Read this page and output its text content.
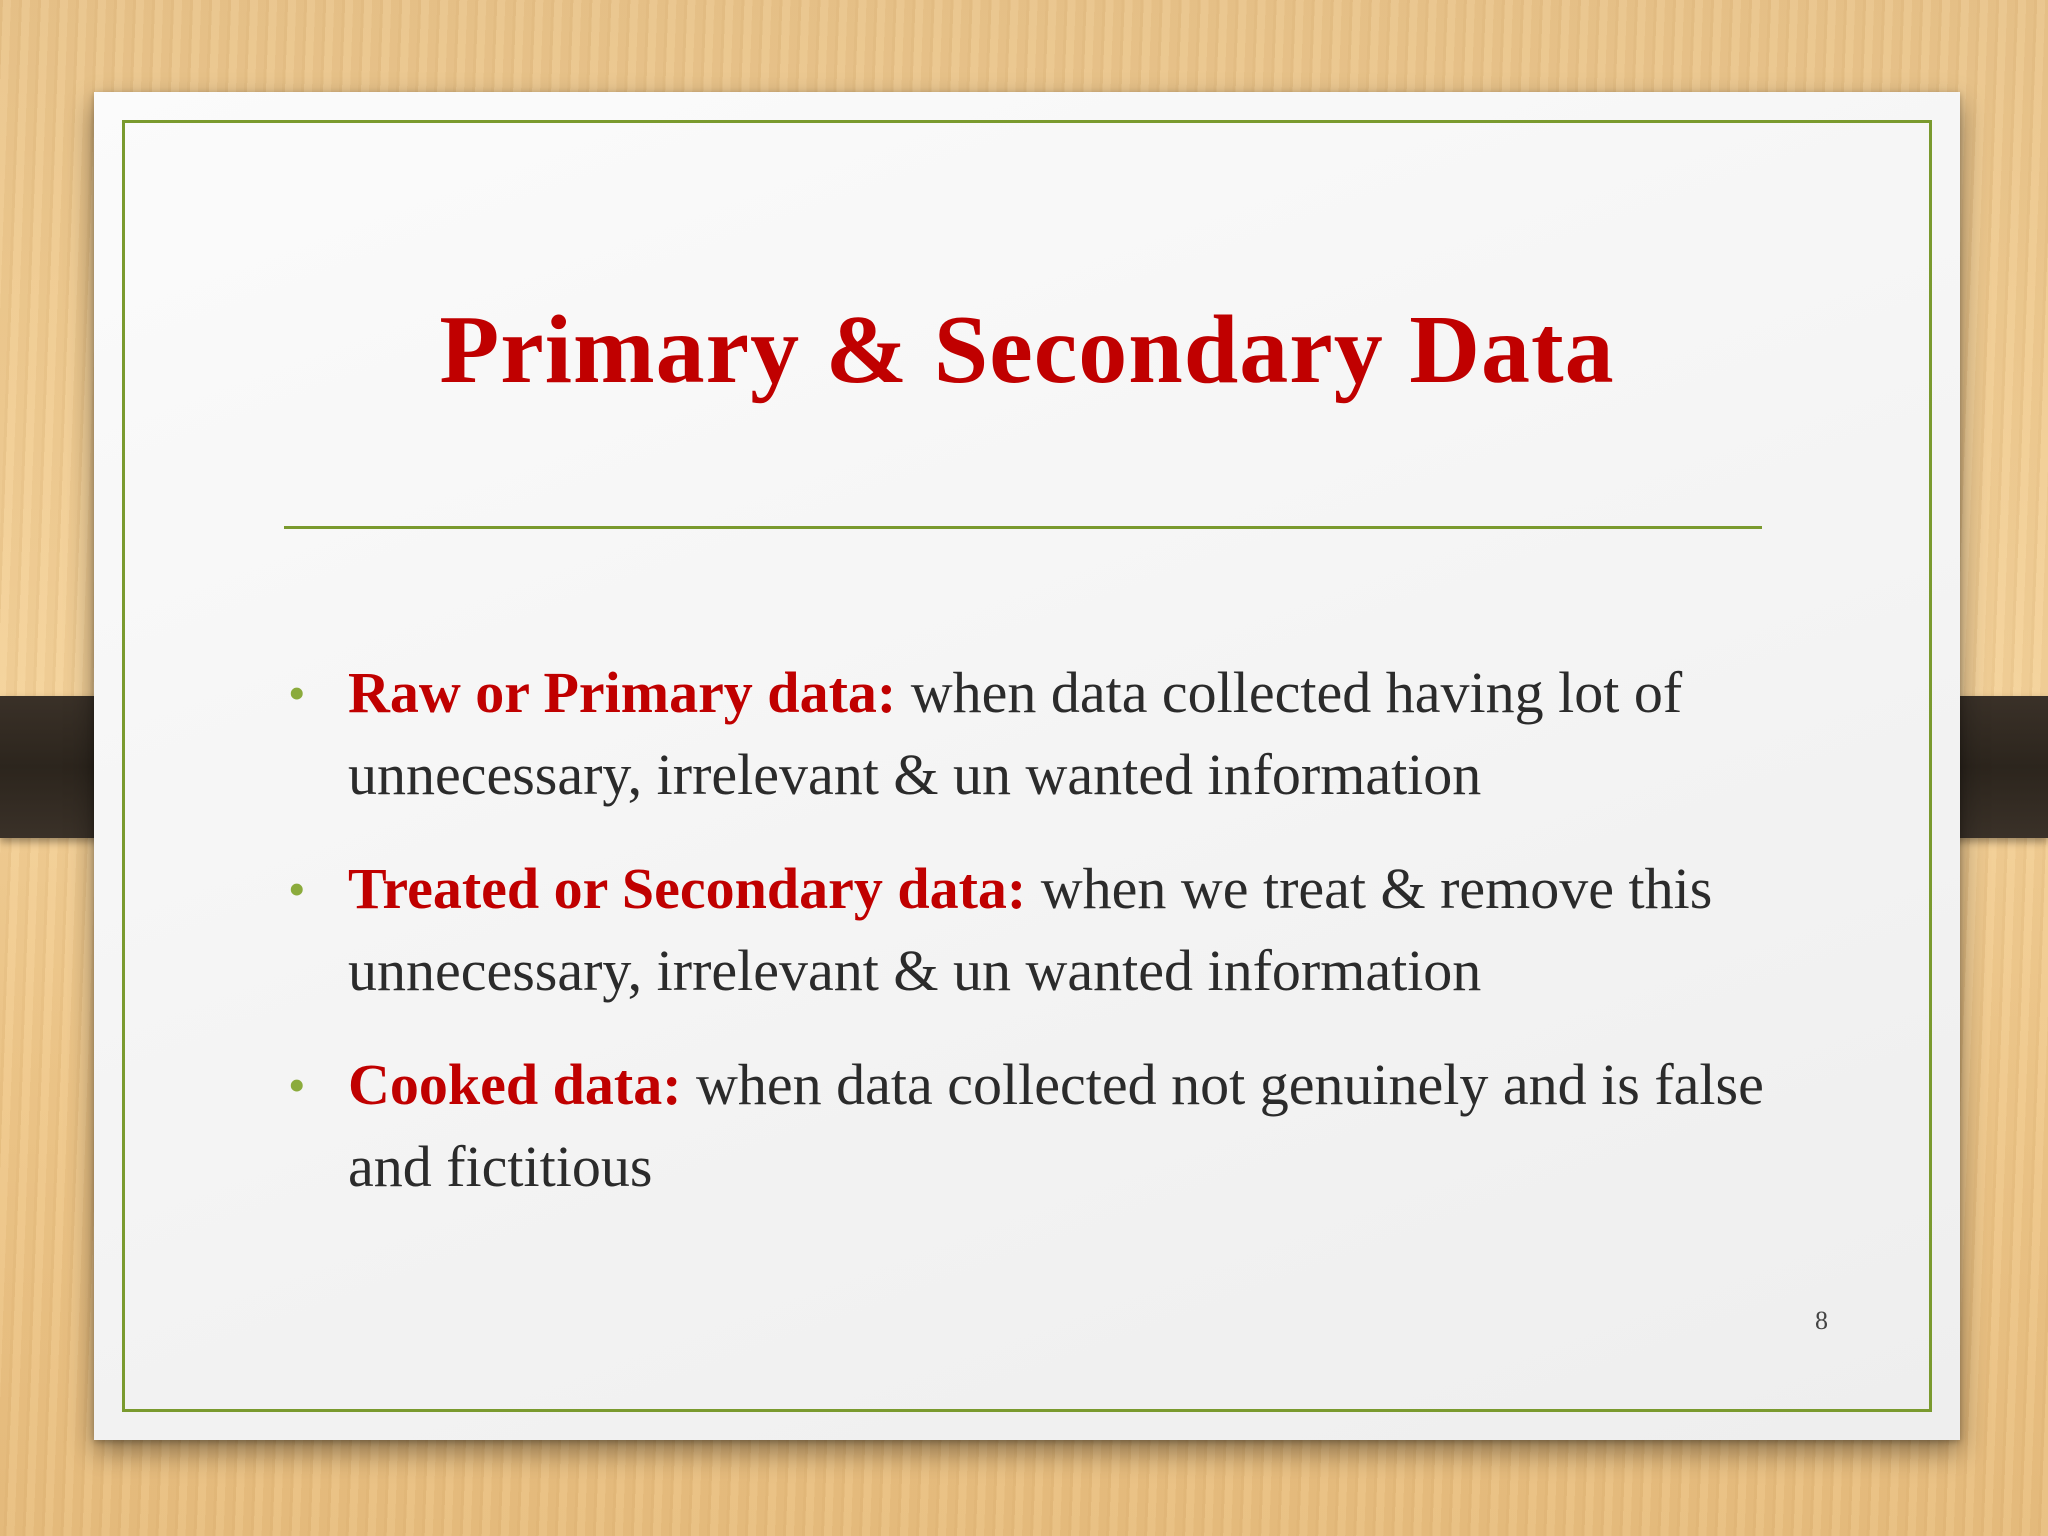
Primary & Secondary Data
• Raw or Primary data: when data collected having lot of unnecessary, irrelevant & un wanted information
• Treated or Secondary data: when we treat & remove this unnecessary, irrelevant & un wanted information
• Cooked data: when data collected not genuinely and is false and fictitious
8
